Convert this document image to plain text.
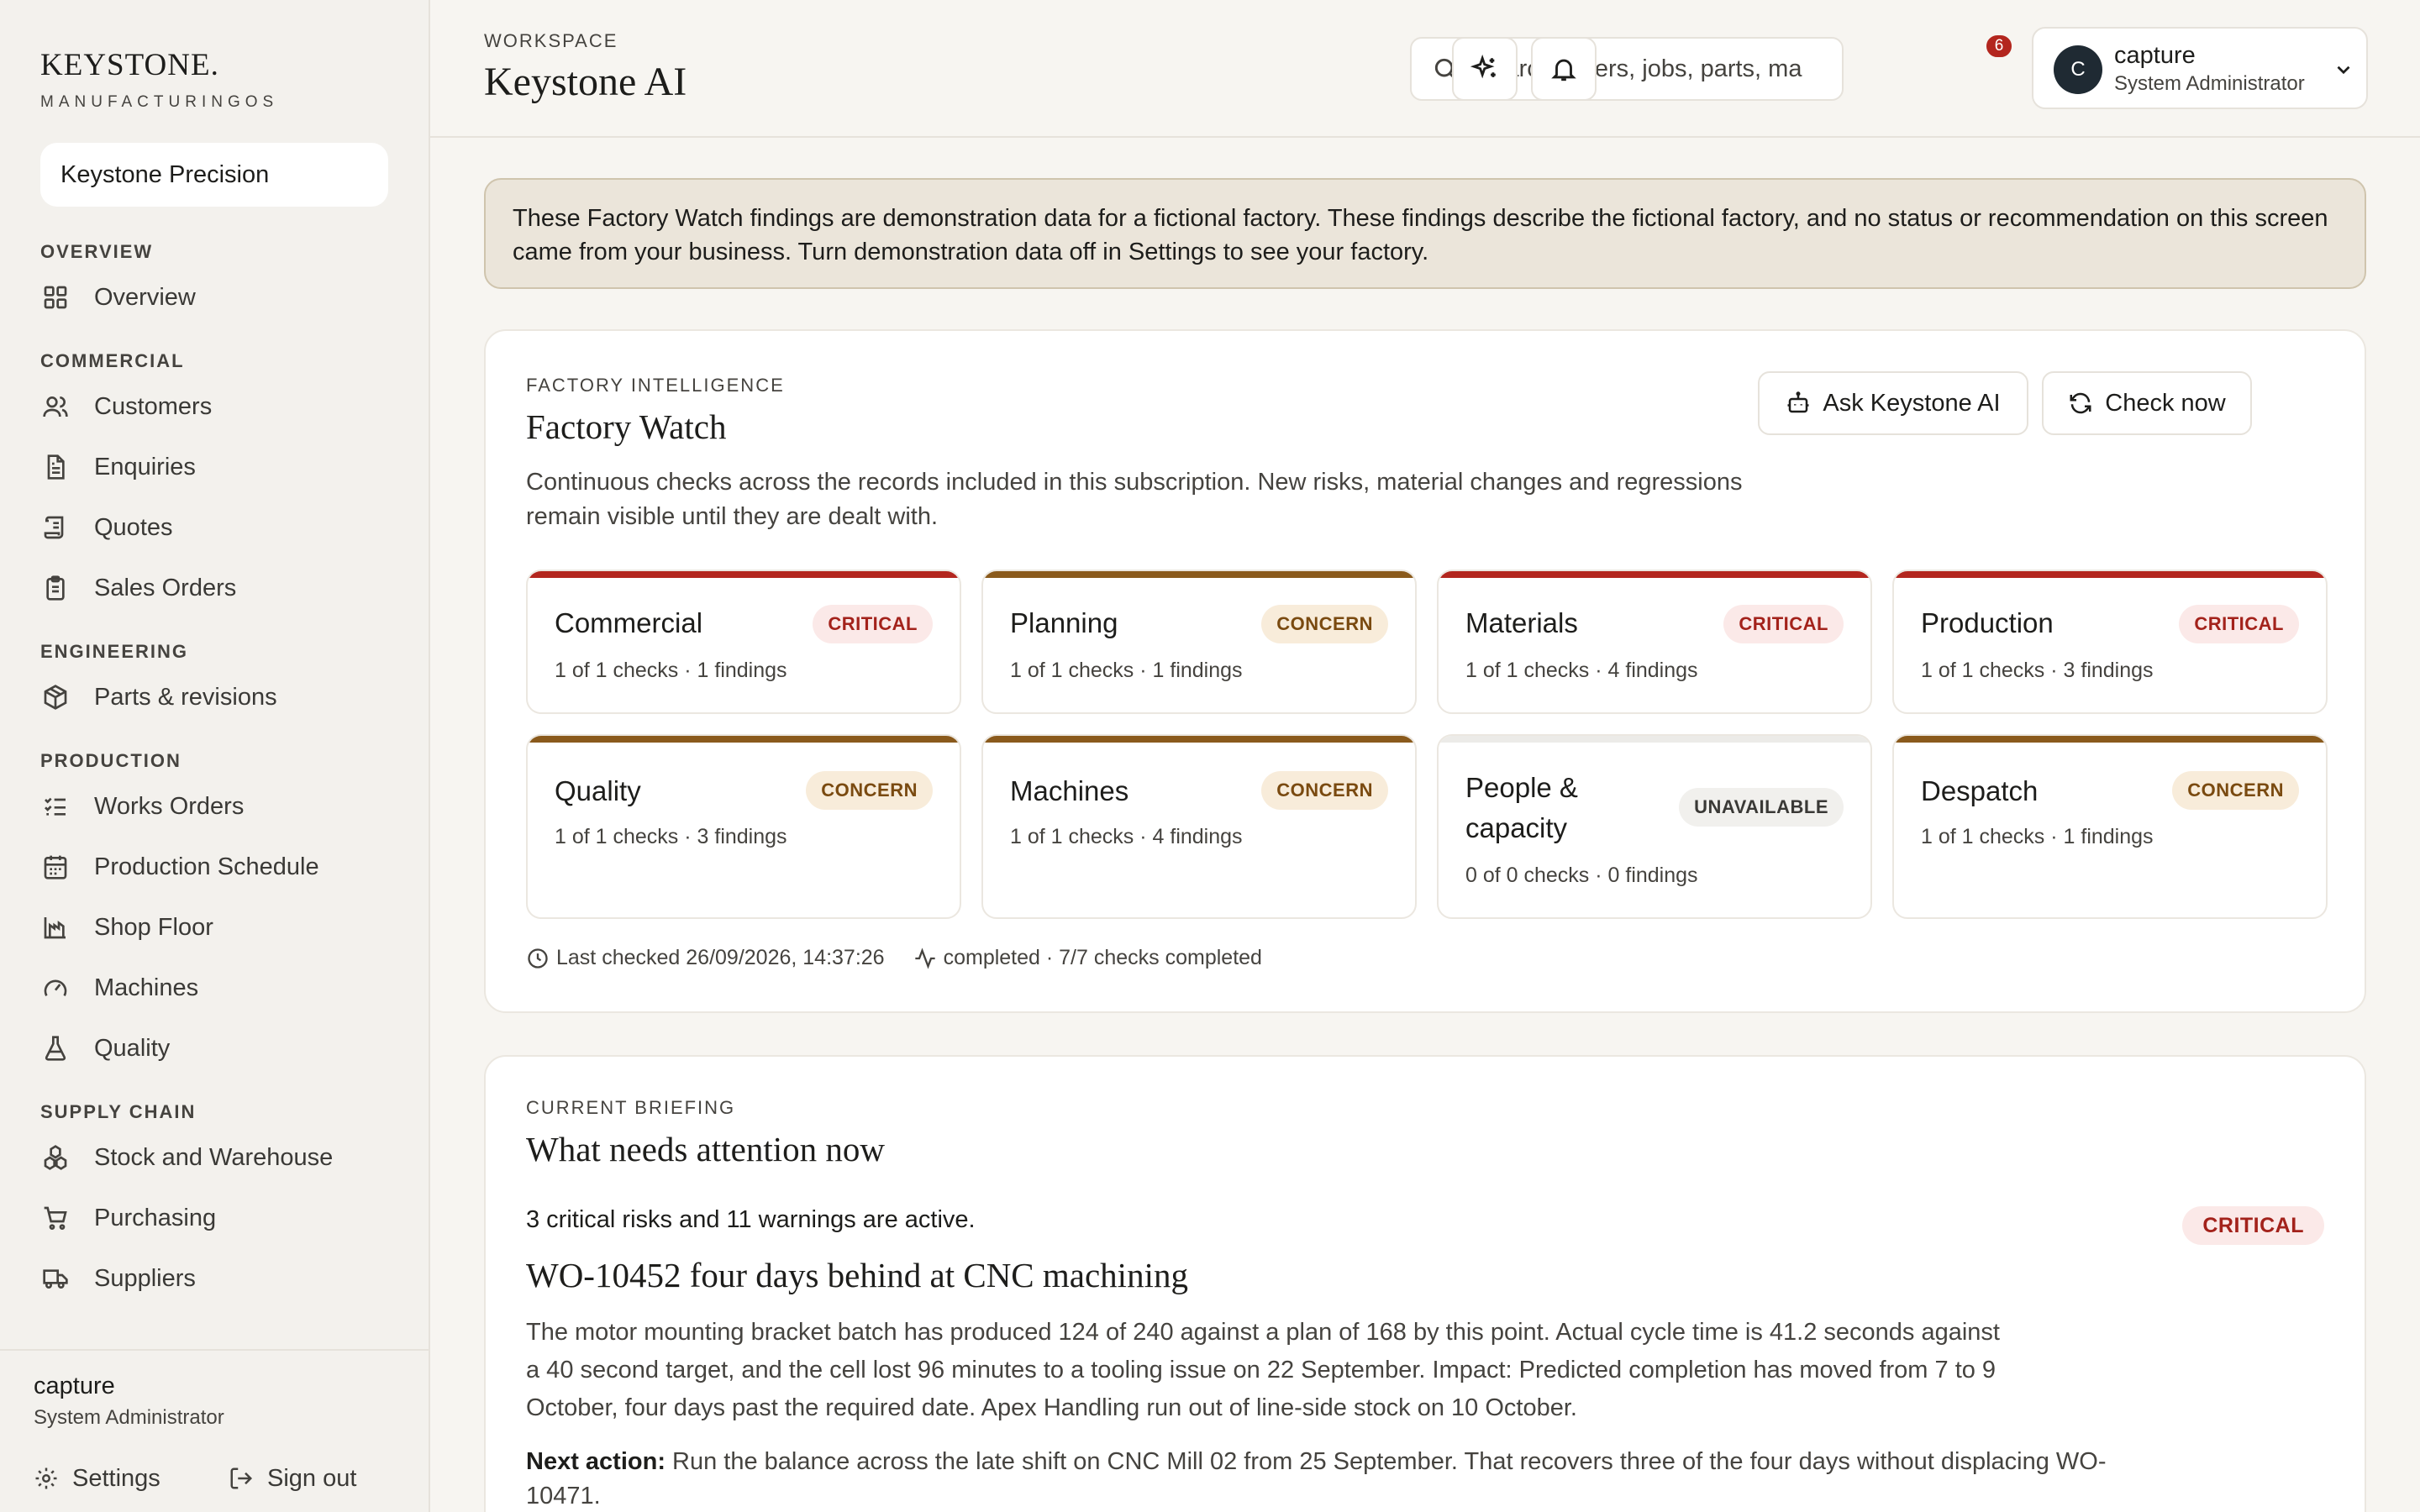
KEYSTONE.
MANUFACTURINGOS
Keystone Precision
OVERVIEW
Overview
COMMERCIAL
Customers
Enquiries
Quotes
Sales Orders
ENGINEERING
Parts & revisions
PRODUCTION
Works Orders
Production Schedule
Shop Floor
Machines
Quality
SUPPLY CHAIN
Stock and Warehouse
Purchasing
Suppliers
capture
System Administrator
Settings	Sign out
WORKSPACE
Keystone AI
Search orders, jobs, parts, ma
6
C
capture
System Administrator
These Factory Watch findings are demonstration data for a fictional factory. These findings describe the fictional factory, and no status or recommendation on this screen came from your business. Turn demonstration data off in Settings to see your factory.
FACTORY INTELLIGENCE
Factory Watch

Continuous checks across the records included in this subscription. New risks, material changes and regressions remain visible until they are dealt with.

Ask Keystone AI	Check now
Commercial	CRITICAL
1 of 1 checks · 1 findings
Planning	CONCERN
1 of 1 checks · 1 findings
Materials	CRITICAL
1 of 1 checks · 4 findings
Production	CRITICAL
1 of 1 checks · 3 findings
Quality	CONCERN
1 of 1 checks · 3 findings
Machines	CONCERN
1 of 1 checks · 4 findings
People & capacity
UNAVAILABLE
0 of 0 checks · 0 findings
Despatch	CONCERN
1 of 1 checks · 1 findings
Last checked 26/09/2026, 14:37:26	completed · 7/7 checks completed
CURRENT BRIEFING
What needs attention now
3 critical risks and 11 warnings are active.	CRITICAL
WO-10452 four days behind at CNC machining

The motor mounting bracket batch has produced 124 of 240 against a plan of 168 by this point. Actual cycle time is 41.2 seconds against a 40 second target, and the cell lost 96 minutes to a tooling issue on 22 September. Impact: Predicted completion has moved from 7 to 9 October, four days past the required date. Apex Handling run out of line-side stock on 10 October.

Next action: Run the balance across the late shift on CNC Mill 02 from 25 September. That recovers three of the four days without displacing WO-10471.
